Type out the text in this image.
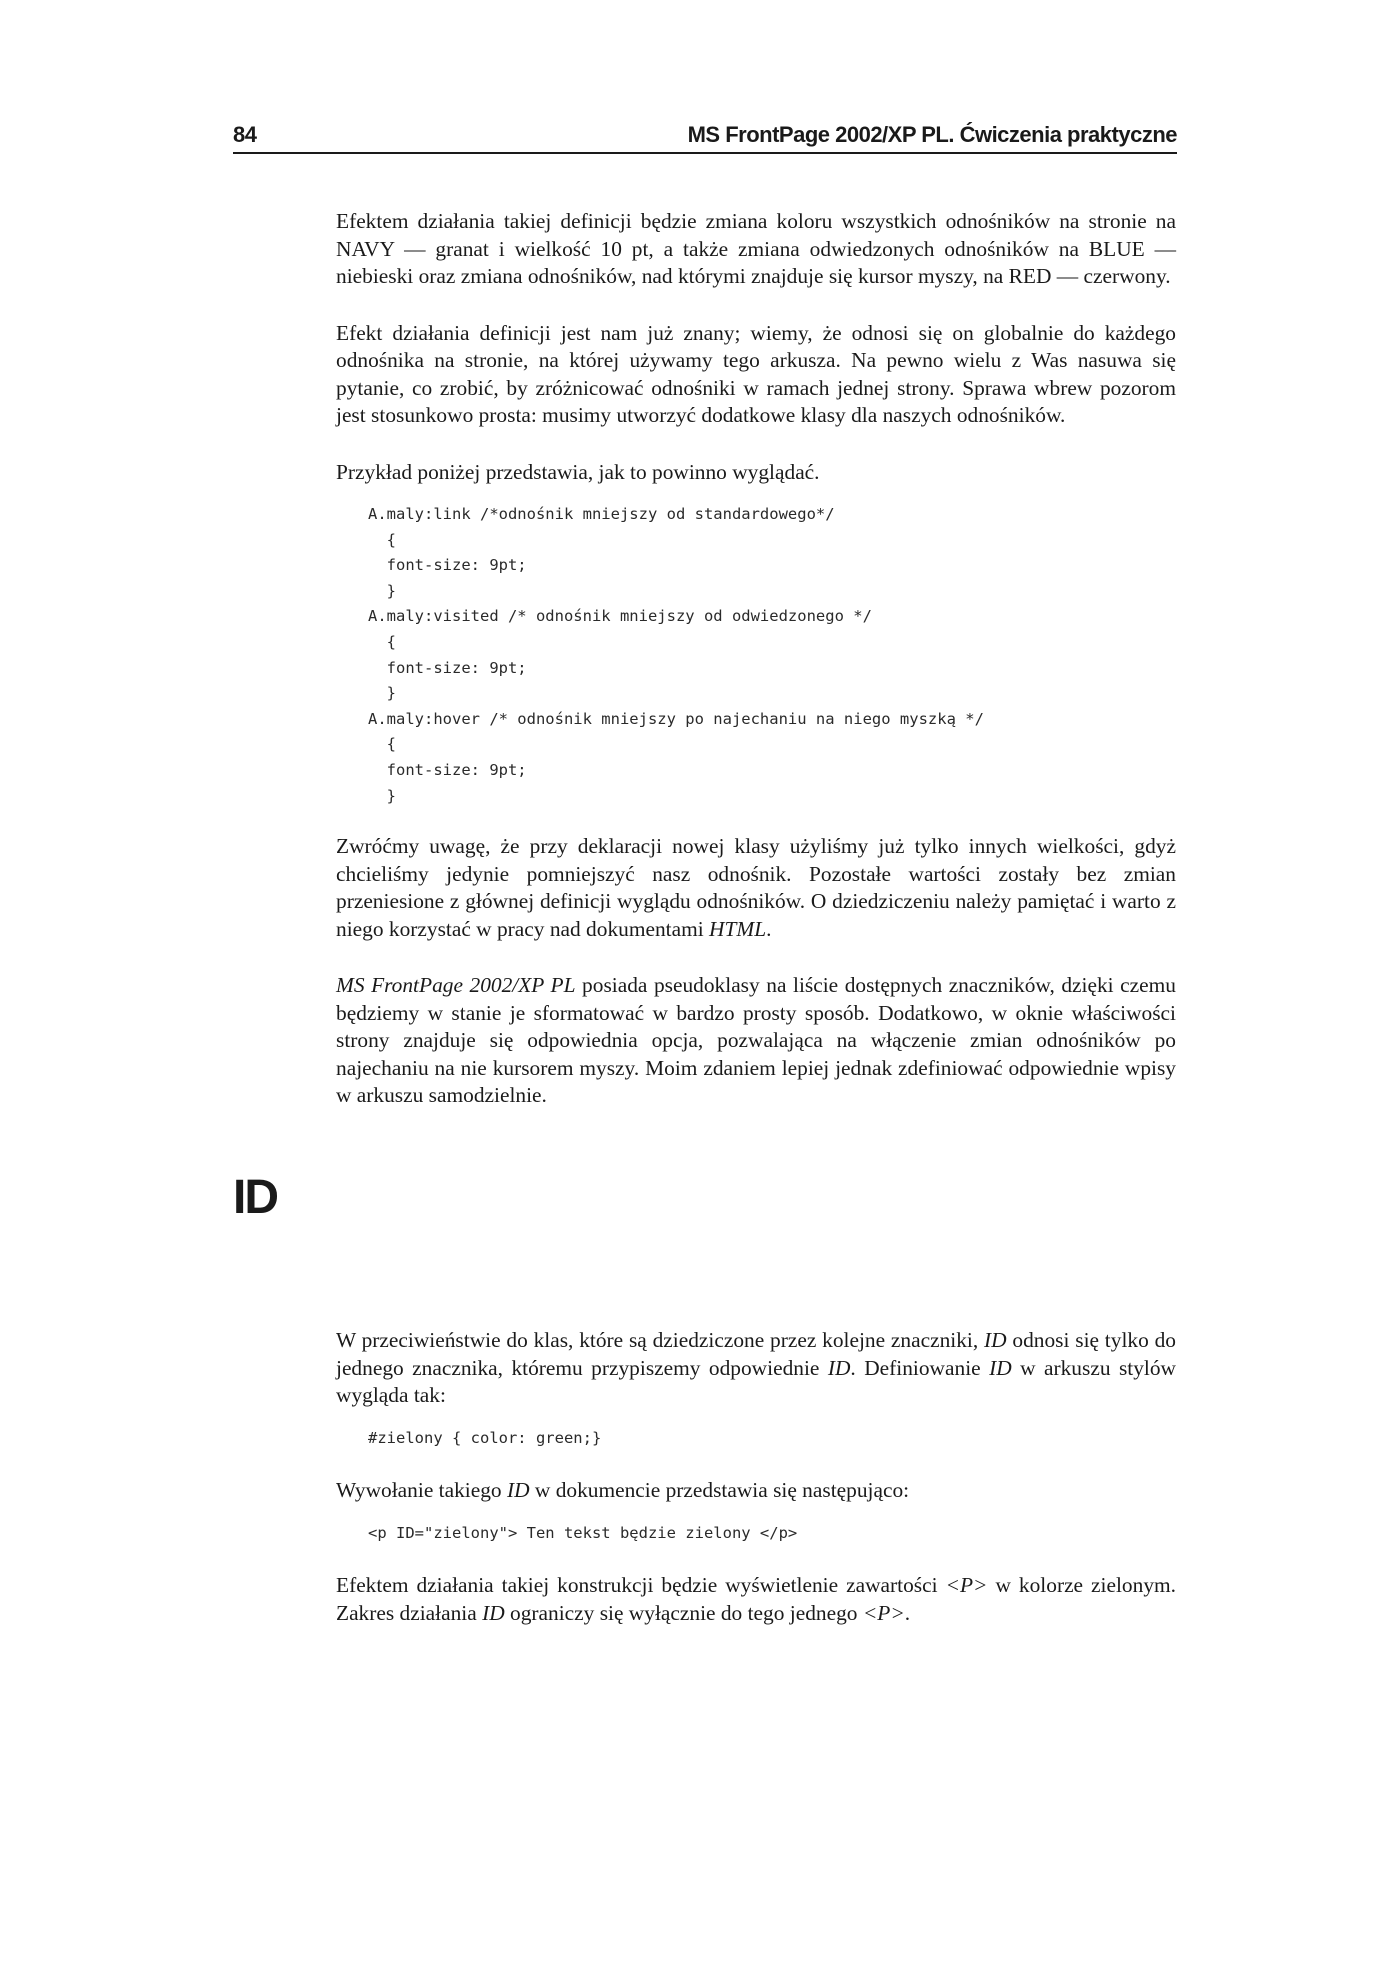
84	MS FrontPage 2002/XP PL. Ćwiczenia praktyczne

Efektem działania takiej definicji będzie zmiana koloru wszystkich odnośników na stronie na NAVY — granat i wielkość 10 pt, a także zmiana odwiedzonych odnośników na BLUE — niebieski oraz zmiana odnośników, nad którymi znajduje się kursor myszy, na RED — czerwony.

Efekt działania definicji jest nam już znany; wiemy, że odnosi się on globalnie do każdego odnośnika na stronie, na której używamy tego arkusza. Na pewno wielu z Was nasuwa się pytanie, co zrobić, by zróżnicować odnośniki w ramach jednej strony. Sprawa wbrew pozorom jest stosunkowo prosta: musimy utworzyć dodatkowe klasy dla naszych odnośników.

Przykład poniżej przedstawia, jak to powinno wyglądać.

A.maly:link /*odnośnik mniejszy od standardowego*/
{
font-size: 9pt;
}
A.maly:visited /* odnośnik mniejszy od odwiedzonego */
{
font-size: 9pt;
}
A.maly:hover /* odnośnik mniejszy po najechaniu na niego myszką */
{
font-size: 9pt;
}

Zwróćmy uwagę, że przy deklaracji nowej klasy użyliśmy już tylko innych wielkości, gdyż chcieliśmy jedynie pomniejszyć nasz odnośnik. Pozostałe wartości zostały bez zmian przeniesione z głównej definicji wyglądu odnośników. O dziedziczeniu należy pamiętać i warto z niego korzystać w pracy nad dokumentami HTML.

MS FrontPage 2002/XP PL posiada pseudoklasy na liście dostępnych znaczników, dzięki czemu będziemy w stanie je sformatować w bardzo prosty sposób. Dodatkowo, w oknie właściwości strony znajduje się odpowiednia opcja, pozwalająca na włączenie zmian odnośników po najechaniu na nie kursorem myszy. Moim zdaniem lepiej jednak zdefiniować odpowiednie wpisy w arkuszu samodzielnie.

ID

W przeciwieństwie do klas, które są dziedziczone przez kolejne znaczniki, ID odnosi się tylko do jednego znacznika, któremu przypiszemy odpowiednie ID. Definiowanie ID w arkuszu stylów wygląda tak:

#zielony { color: green;}

Wywołanie takiego ID w dokumencie przedstawia się następująco:

<p ID="zielony"> Ten tekst będzie zielony </p>

Efektem działania takiej konstrukcji będzie wyświetlenie zawartości <P> w kolorze zielonym. Zakres działania ID ograniczy się wyłącznie do tego jednego <P>.
